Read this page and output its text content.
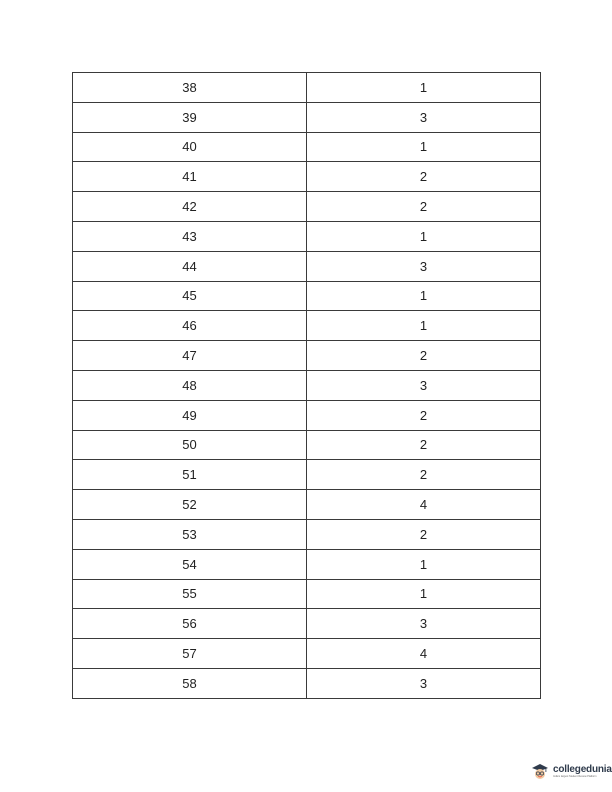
38	1
39	3
40	1
41	2
42	2
43	1
44	3
45	1
46	1
47	2
48	3
49	2
50	2
51	2
52	4
53	2
54	1
55	1
56	3
57	4
58	3
collegedunia
India's largest Student Review Platform
